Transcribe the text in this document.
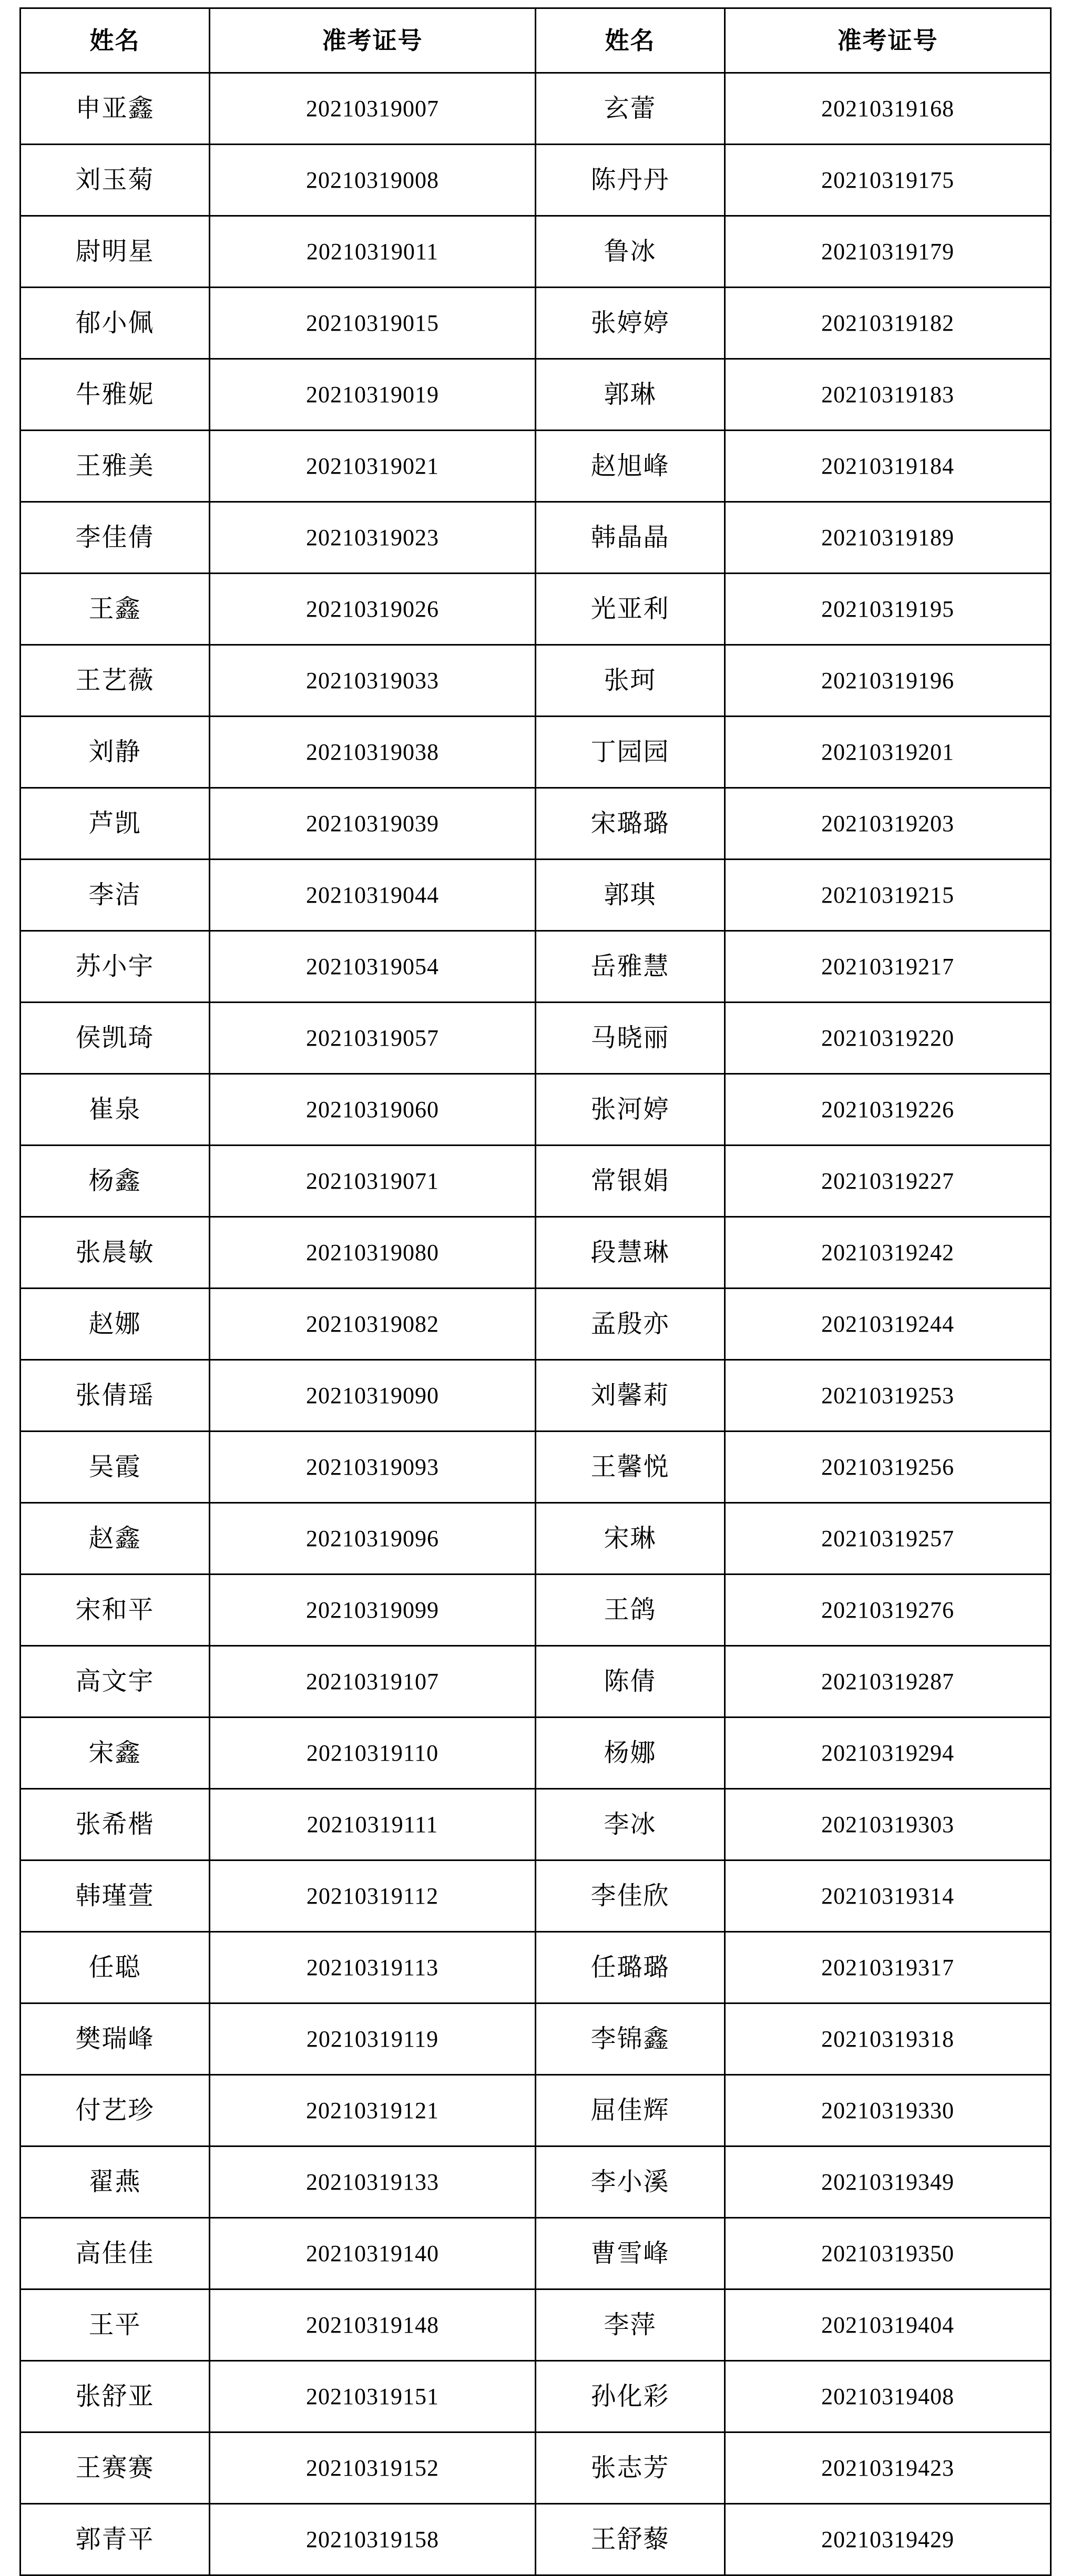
姓名	准考证号	姓名	准考证号
申亚鑫	20210319007	玄蕾	20210319168
刘玉菊	20210319008	陈丹丹	20210319175
尉明星	20210319011	鲁冰	20210319179
郁小佩	20210319015	张婷婷	20210319182
牛雅妮	20210319019	郭琳	20210319183
王雅美	20210319021	赵旭峰	20210319184
李佳倩	20210319023	韩晶晶	20210319189
王鑫	20210319026	光亚利	20210319195
王艺薇	20210319033	张珂	20210319196
刘静	20210319038	丁园园	20210319201
芦凯	20210319039	宋璐璐	20210319203
李洁	20210319044	郭琪	20210319215
苏小宇	20210319054	岳雅慧	20210319217
侯凯琦	20210319057	马晓丽	20210319220
崔泉	20210319060	张河婷	20210319226
杨鑫	20210319071	常银娟	20210319227
张晨敏	20210319080	段慧琳	20210319242
赵娜	20210319082	孟殷亦	20210319244
张倩瑶	20210319090	刘馨莉	20210319253
吴霞	20210319093	王馨悦	20210319256
赵鑫	20210319096	宋琳	20210319257
宋和平	20210319099	王鸽	20210319276
高文宇	20210319107	陈倩	20210319287
宋鑫	20210319110	杨娜	20210319294
张希楷	20210319111	李冰	20210319303
韩瑾萱	20210319112	李佳欣	20210319314
任聪	20210319113	任璐璐	20210319317
樊瑞峰	20210319119	李锦鑫	20210319318
付艺珍	20210319121	屈佳辉	20210319330
翟燕	20210319133	李小溪	20210319349
高佳佳	20210319140	曹雪峰	20210319350
王平	20210319148	李萍	20210319404
张舒亚	20210319151	孙化彩	20210319408
王赛赛	20210319152	张志芳	20210319423
郭青平	20210319158	王舒藜	20210319429
